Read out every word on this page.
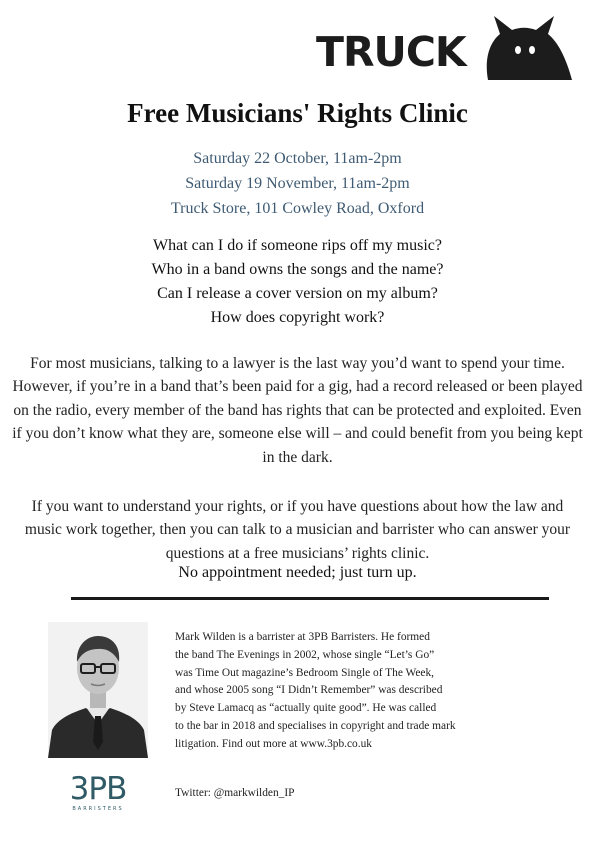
TRUCK
Free Musicians' Rights Clinic
Saturday 22 October, 11am-2pm
Saturday 19 November, 11am-2pm
Truck Store, 101 Cowley Road, Oxford
What can I do if someone rips off my music?
Who in a band owns the songs and the name?
Can I release a cover version on my album?
How does copyright work?

For most musicians, talking to a lawyer is the last way you’d want to spend your time. However, if you’re in a band that’s been paid for a gig, had a record released or been played on the radio, every member of the band has rights that can be protected and exploited. Even if you don’t know what they are, someone else will – and could benefit from you being kept in the dark.

If you want to understand your rights, or if you have questions about how the law and music work together, then you can talk to a musician and barrister who can answer your questions at a free musicians’ rights clinic.

No appointment needed; just turn up.
3PB
BARRISTERS
Mark Wilden is a barrister at 3PB Barristers. He formed
the band The Evenings in 2002, whose single “Let’s Go”
was Time Out magazine’s Bedroom Single of The Week,
and whose 2005 song “I Didn’t Remember” was described
by Steve Lamacq as “actually quite good”. He was called
to the bar in 2018 and specialises in copyright and trade mark
litigation. Find out more at www.3pb.co.uk
Twitter: @markwilden_IP
